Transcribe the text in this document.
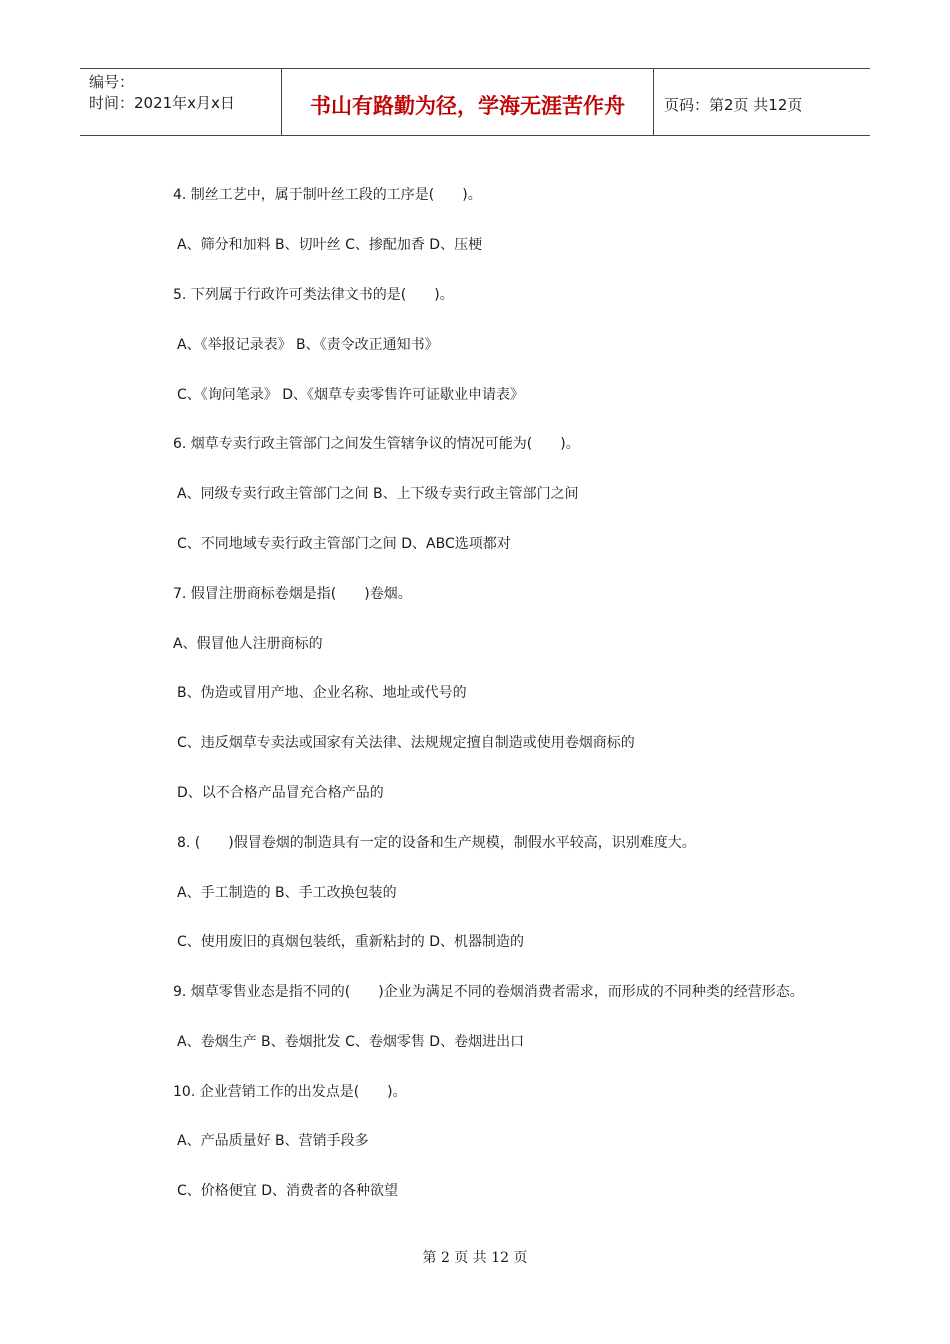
编号：
时间：2021年x月x日	书山有路勤为径，学海无涯苦作舟	页码：第2页 共12页
4. 制丝工艺中，属于制叶丝工段的工序是(　　)。
A、筛分和加料 B、切叶丝 C、掺配加香 D、压梗
5. 下列属于行政许可类法律文书的是(　　)。
A、《举报记录表》 B、《责令改正通知书》
C、《询问笔录》 D、《烟草专卖零售许可证歇业申请表》
6. 烟草专卖行政主管部门之间发生管辖争议的情况可能为(　　)。
A、同级专卖行政主管部门之间 B、上下级专卖行政主管部门之间
C、不同地域专卖行政主管部门之间 D、ABC选项都对
7. 假冒注册商标卷烟是指(　　)卷烟。
A、假冒他人注册商标的
B、伪造或冒用产地、企业名称、地址或代号的
C、违反烟草专卖法或国家有关法律、法规规定擅自制造或使用卷烟商标的
D、以不合格产品冒充合格产品的
8. (　　)假冒卷烟的制造具有一定的设备和生产规模，制假水平较高，识别难度大。
A、手工制造的 B、手工改换包装的
C、使用废旧的真烟包装纸，重新粘封的 D、机器制造的
9. 烟草零售业态是指不同的(　　)企业为满足不同的卷烟消费者需求，而形成的不同种类的经营形态。
A、卷烟生产 B、卷烟批发 C、卷烟零售 D、卷烟进出口
10. 企业营销工作的出发点是(　　)。
A、产品质量好 B、营销手段多
C、价格便宜 D、消费者的各种欲望
第 2 页 共 12 页
